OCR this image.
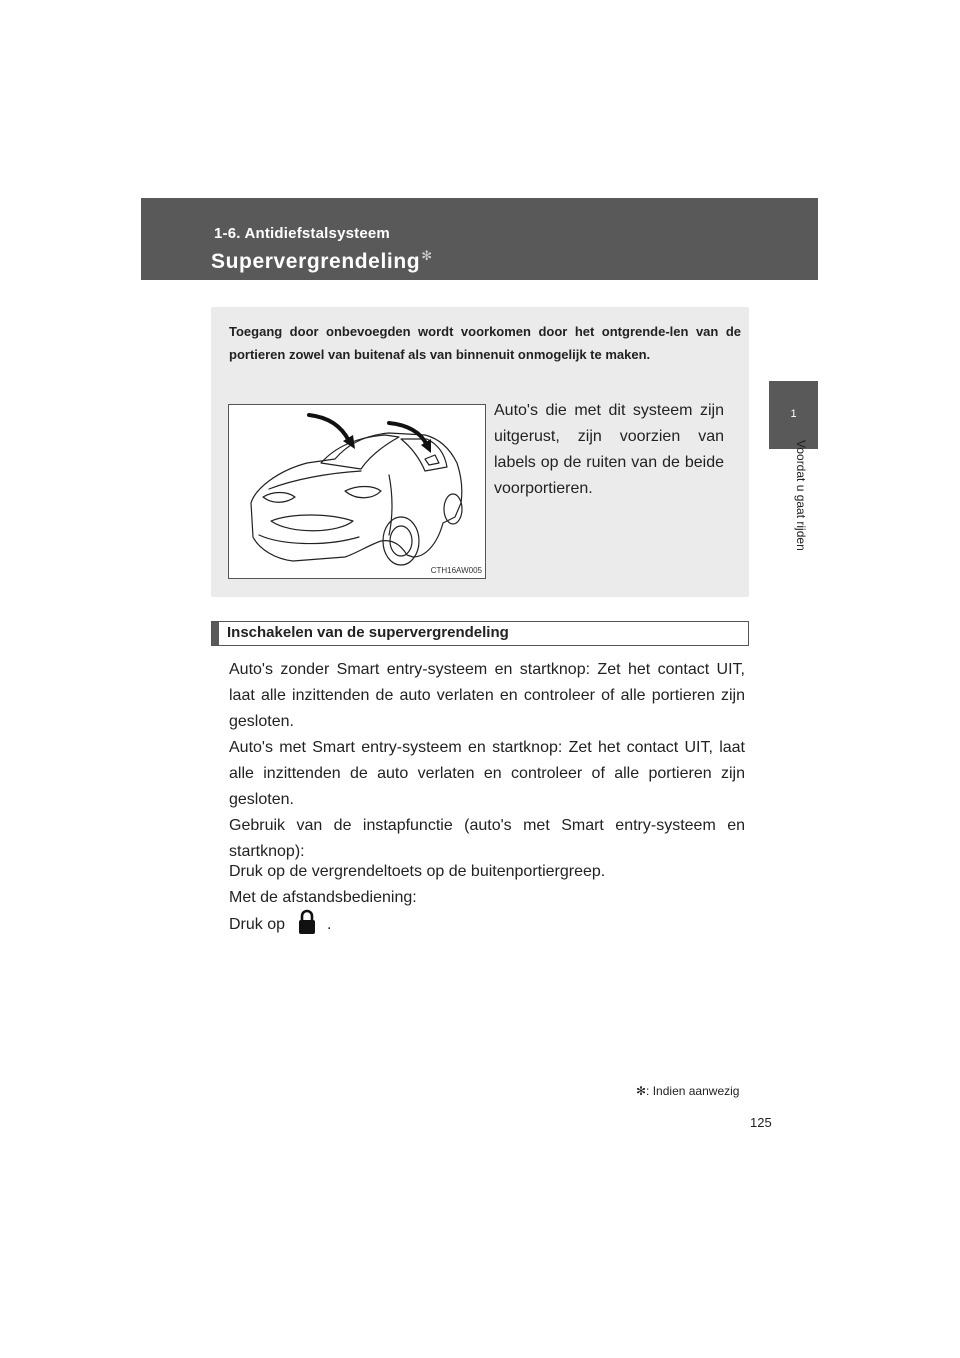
1-6. Antidiefstalsysteem
Supervergrendeling✻
1
Voordat u gaat rijden
Toegang door onbevoegden wordt voorkomen door het ontgrende-len van de portieren zowel van buitenaf als van binnenuit onmogelijk te maken.
CTH16AW005
Auto's die met dit systeem zijn uitgerust, zijn voorzien van labels op de ruiten van de beide voorportieren.
Inschakelen van de supervergrendeling

Auto's zonder Smart entry-systeem en startknop: Zet het contact UIT, laat alle inzittenden de auto verlaten en controleer of alle portieren zijn gesloten.

Auto's met Smart entry-systeem en startknop: Zet het contact UIT, laat alle inzittenden de auto verlaten en controleer of alle portieren zijn gesloten.

Gebruik van de instapfunctie (auto's met Smart entry-systeem en startknop):

Druk op de vergrendeltoets op de buitenportiergreep.

Met de afstandsbediening:

Druk op	.

✻: Indien aanwezig
125
